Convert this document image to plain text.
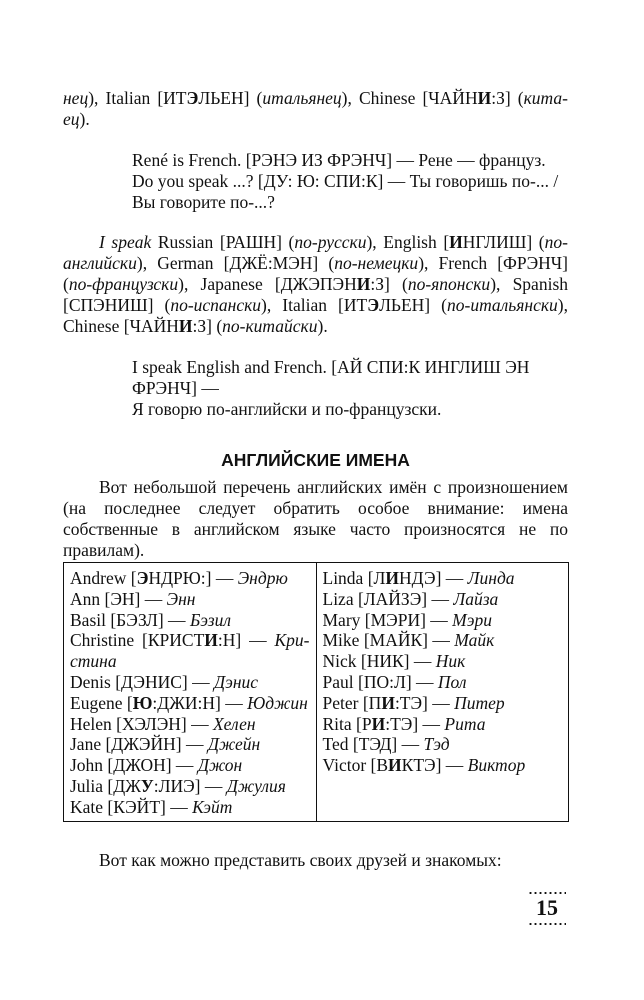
нец), Italian [ИТЭЛЬЕН] (итальянец), Chinese [ЧАЙНИ:З] (кита-ец).

René is French. [РЭНЭ ИЗ ФРЭНЧ] — Рене — француз.
Do you speak ...? [ДУ: Ю: СПИ:К] — Ты говоришь по-... /
Вы говорите по-...?

I speak Russian [РАШН] (по-русски), English [ИНГЛИШ] (по-английски), German [ДЖЁ:МЭН] (по-немецки), French [ФРЭНЧ] (по-французски), Japanese [ДЖЭПЭНИ:З] (по-японски), Spanish [СПЭНИШ] (по-испански), Italian [ИТЭЛЬЕН] (по-итальянски), Chinese [ЧАЙНИ:З] (по-китайски).

I speak English and French. [АЙ СПИ:К ИНГЛИШ ЭН
ФРЭНЧ] —
Я говорю по-английски и по-французски.
АНГЛИЙСКИЕ ИМЕНА

Вот небольшой перечень английских имён с произношением (на последнее следует обратить особое внимание: имена собственные в английском языке часто произносятся не по правилам).

Andrew [ЭНДРЮ:] — Эндрю
Ann [ЭН] — Энн
Basil [БЭЗЛ] — Бэзил
Christine [КРИСТИ:Н] — Кри-стина
Denis [ДЭНИС] — Дэнис
Eugene [Ю:ДЖИ:Н] — Юджин
Helen [ХЭЛЭН] — Хелен
Jane [ДЖЭЙН] — Джейн
John [ДЖОН] — Джон
Julia [ДЖУ:ЛИЭ] — Джулия
Kate [КЭЙТ] — Кэйт

Linda [ЛИНДЭ] — Линда
Liza [ЛАЙЗЭ] — Лайза
Mary [МЭРИ] — Мэри
Mike [МАЙК] — Майк
Nick [НИК] — Ник
Paul [ПО:Л] — Пол
Peter [ПИ:ТЭ] — Питер
Rita [РИ:ТЭ] — Рита
Ted [ТЭД] — Тэд
Victor [ВИКТЭ] — Виктор
Вот как можно представить своих друзей и знакомых:
15
